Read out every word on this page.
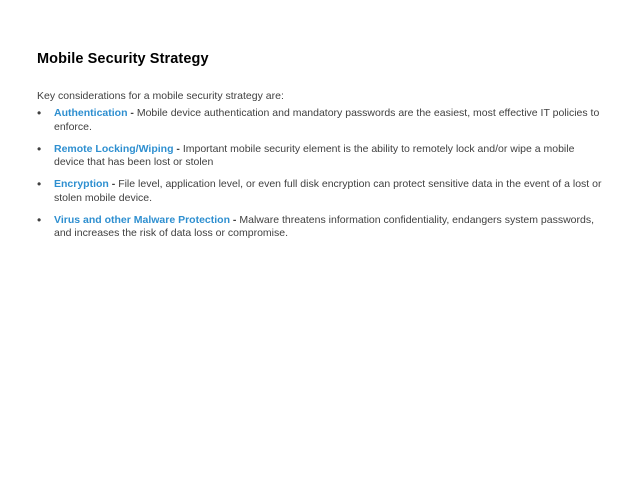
Mobile Security Strategy

Key considerations for a mobile security strategy are:

• Authentication - Mobile device authentication and mandatory passwords are the easiest, most effective IT policies to enforce.
• Remote Locking/Wiping - Important mobile security element is the ability to remotely lock and/or wipe a mobile device that has been lost or stolen
• Encryption - File level, application level, or even full disk encryption can protect sensitive data in the event of a lost or stolen mobile device.
• Virus and other Malware Protection - Malware threatens information confidentiality, endangers system passwords, and increases the risk of data loss or compromise.
